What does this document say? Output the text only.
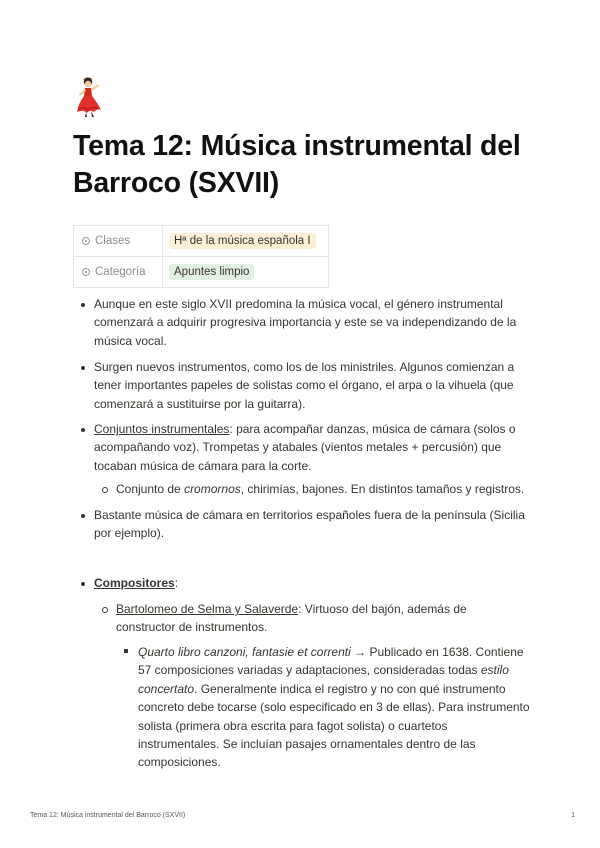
Tema 12: Música instrumental del Barroco (SXVII)
Clases	Hª de la música española I
Categoría	Apuntes limpio
Aunque en este siglo XVII predomina la música vocal, el género instrumental comenzará a adquirir progresiva importancia y este se va independizando de la música vocal.
Surgen nuevos instrumentos, como los de los ministriles. Algunos comienzan a tener importantes papeles de solistas como el órgano, el arpa o la vihuela (que comenzará a sustituirse por la guitarra).
Conjuntos instrumentales: para acompañar danzas, música de cámara (solos o acompañando voz). Trompetas y atabales (vientos metales + percusión) que tocaban música de cámara para la corte.
Conjunto de cromornos, chirimías, bajones. En distintos tamaños y registros.
Bastante música de cámara en territorios españoles fuera de la península (Sicilia por ejemplo).
Compositores:
Bartolomeo de Selma y Salaverde: Virtuoso del bajón, además de constructor de instrumentos.
Quarto libro canzoni, fantasie et correnti → Publicado en 1638. Contiene 57 composiciones variadas y adaptaciones, consideradas todas estilo concertato. Generalmente indica el registro y no con qué instrumento concreto debe tocarse (solo especificado en 3 de ellas). Para instrumento solista (primera obra escrita para fagot solista) o cuartetos instrumentales. Se incluían pasajes ornamentales dentro de las composiciones.
Tema 12: Música instrumental del Barroco (SXVII)	1
